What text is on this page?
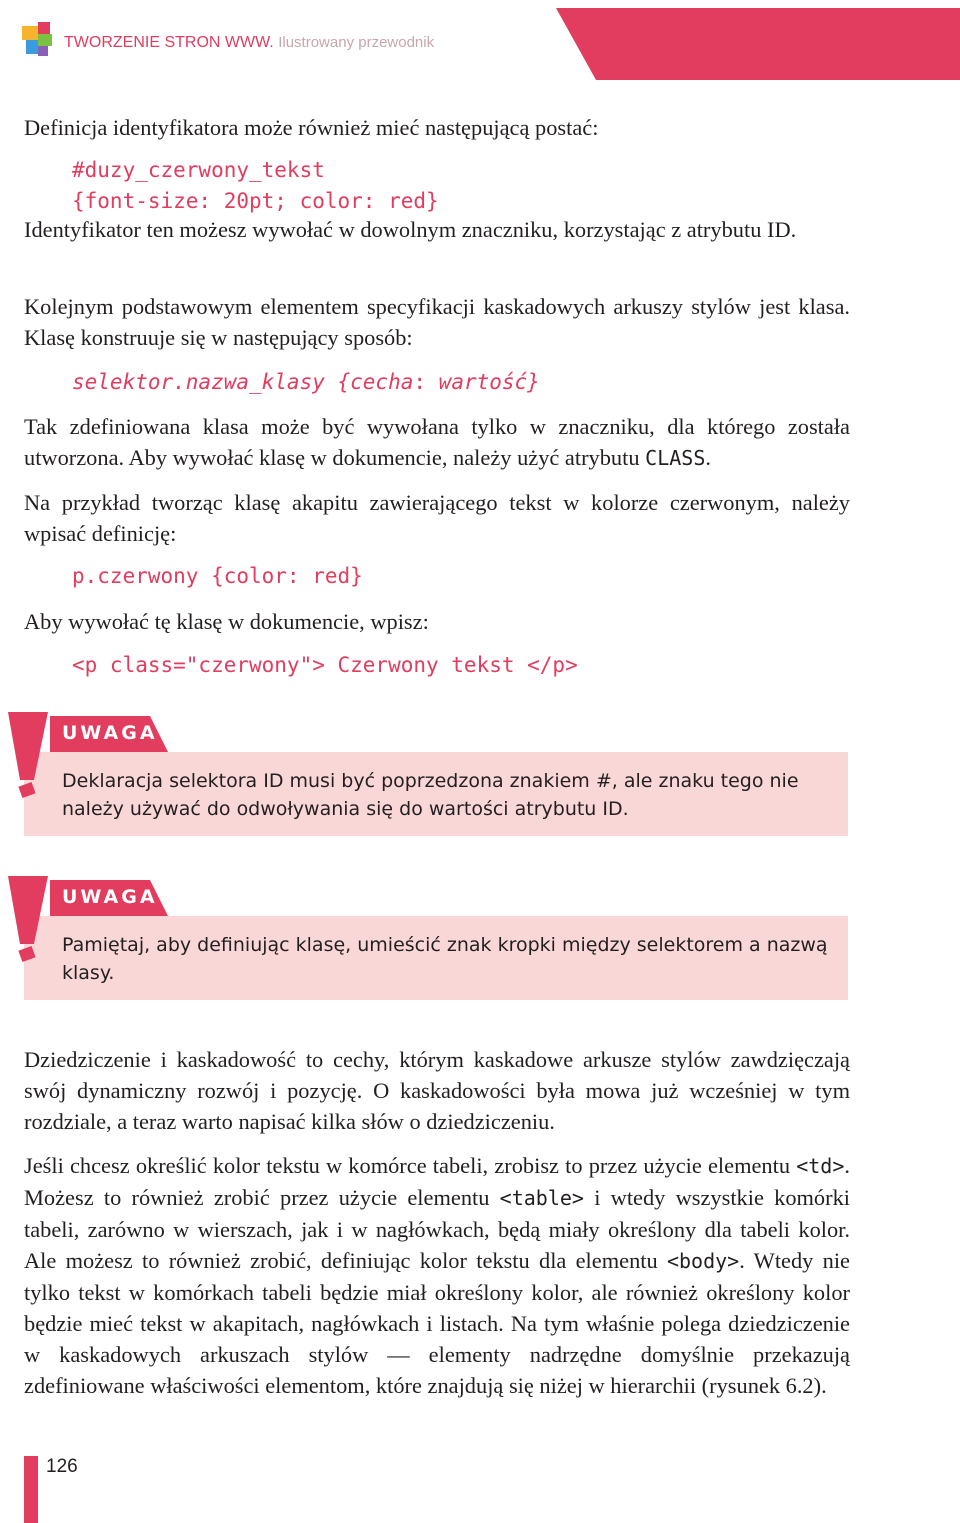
TWORZENIE STRON WWW. Ilustrowany przewodnik
Definicja identyfikatora może również mieć następującą postać:
#duzy_czerwony_tekst
{font-size: 20pt; color: red}
Identyfikator ten możesz wywołać w dowolnym znaczniku, korzystając z atrybutu ID.
Kolejnym podstawowym elementem specyfikacji kaskadowych arkuszy stylów jest klasa. Klasę konstruuje się w następujący sposób:
selektor.nazwa_klasy {cecha: wartość}
Tak zdefiniowana klasa może być wywołana tylko w znaczniku, dla którego została utworzona. Aby wywołać klasę w dokumencie, należy użyć atrybutu CLASS.
Na przykład tworząc klasę akapitu zawierającego tekst w kolorze czerwonym, należy wpisać definicję:
p.czerwony {color: red}
Aby wywołać tę klasę w dokumencie, wpisz:
<p class="czerwony"> Czerwony tekst </p>
UWAGA
Deklaracja selektora ID musi być poprzedzona znakiem #, ale znaku tego nie należy używać do odwoływania się do wartości atrybutu ID.
UWAGA
Pamiętaj, aby definiując klasę, umieścić znak kropki między selektorem a nazwą klasy.
Dziedziczenie i kaskadowość to cechy, którym kaskadowe arkusze stylów zawdzięczają swój dynamiczny rozwój i pozycję. O kaskadowości była mowa już wcześniej w tym rozdziale, a teraz warto napisać kilka słów o dziedziczeniu.
Jeśli chcesz określić kolor tekstu w komórce tabeli, zrobisz to przez użycie elementu <td>. Możesz to również zrobić przez użycie elementu <table> i wtedy wszystkie komórki tabeli, zarówno w wierszach, jak i w nagłówkach, będą miały określony dla tabeli kolor. Ale możesz to również zrobić, definiując kolor tekstu dla elementu <body>. Wtedy nie tylko tekst w komórkach tabeli będzie miał określony kolor, ale również określony kolor będzie mieć tekst w akapitach, nagłówkach i listach. Na tym właśnie polega dziedziczenie w kaskadowych arkuszach stylów — elementy nadrzędne domyślnie przekazują zdefiniowane właściwości elementom, które znajdują się niżej w hierarchii (rysunek 6.2).
126
